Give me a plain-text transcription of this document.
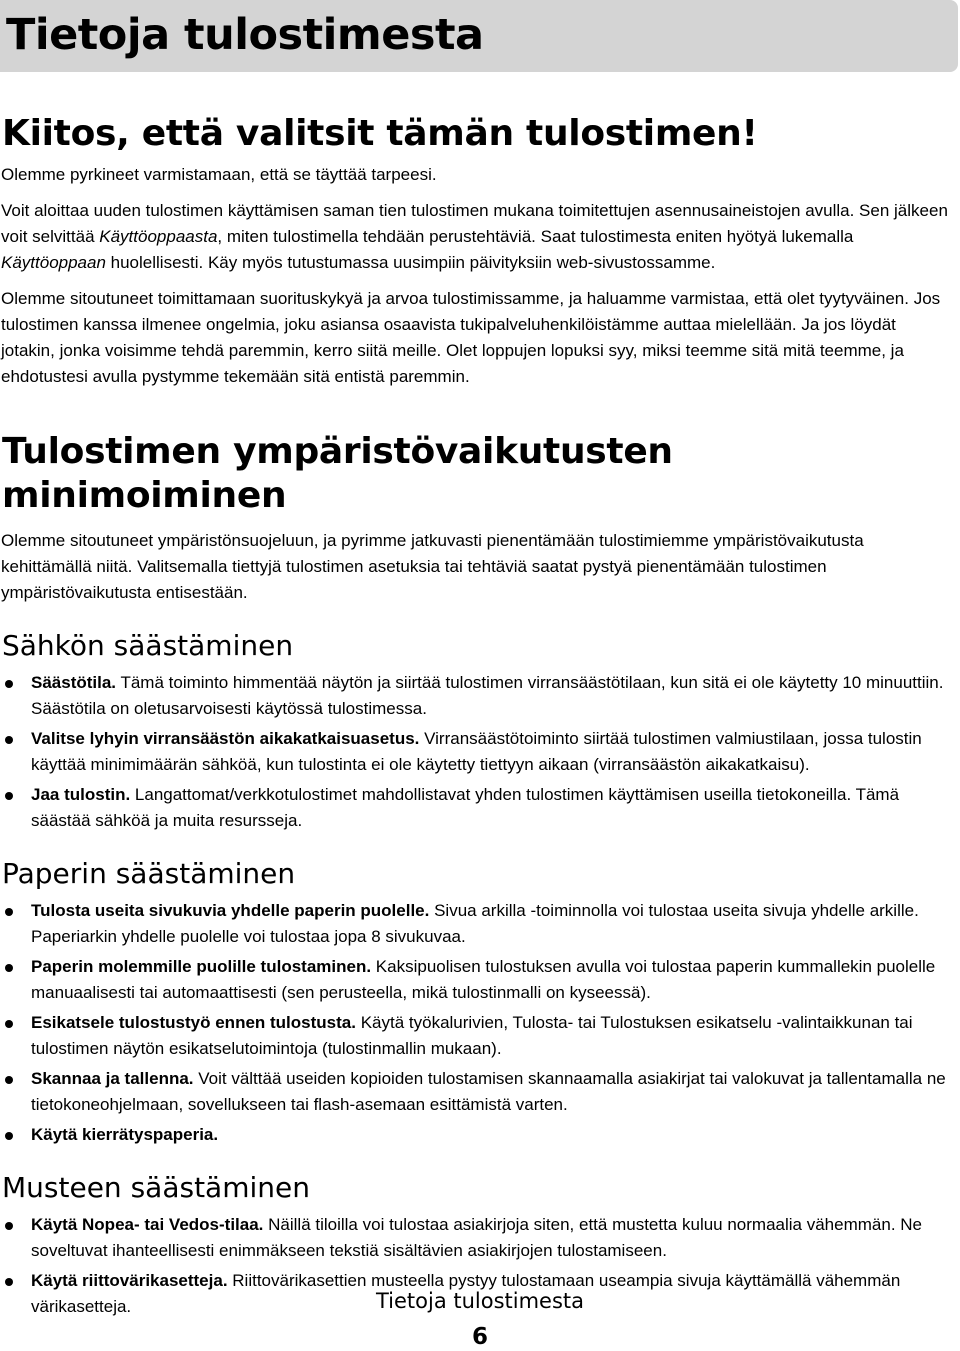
Tietoja tulostimesta
Kiitos, että valitsit tämän tulostimen!

Olemme pyrkineet varmistamaan, että se täyttää tarpeesi.

Voit aloittaa uuden tulostimen käyttämisen saman tien tulostimen mukana toimitettujen asennusaineistojen avulla. Sen jälkeen voit selvittää Käyttöoppaasta, miten tulostimella tehdään perustehtäviä. Saat tulostimesta eniten hyötyä lukemalla Käyttöoppaan huolellisesti. Käy myös tutustumassa uusimpiin päivityksiin web-sivustossamme.

Olemme sitoutuneet toimittamaan suorituskykyä ja arvoa tulostimissamme, ja haluamme varmistaa, että olet tyytyväinen. Jos tulostimen kanssa ilmenee ongelmia, joku asiansa osaavista tukipalveluhenkilöistämme auttaa mielellään. Ja jos löydät jotakin, jonka voisimme tehdä paremmin, kerro siitä meille. Olet loppujen lopuksi syy, miksi teemme sitä mitä teemme, ja ehdotustesi avulla pystymme tekemään sitä entistä paremmin.

Tulostimen ympäristövaikutusten minimoiminen

Olemme sitoutuneet ympäristönsuojeluun, ja pyrimme jatkuvasti pienentämään tulostimiemme ympäristövaikutusta kehittämällä niitä. Valitsemalla tiettyjä tulostimen asetuksia tai tehtäviä saatat pystyä pienentämään tulostimen ympäristövaikutusta entisestään.

Sähkön säästäminen
Säästötila. Tämä toiminto himmentää näytön ja siirtää tulostimen virransäästötilaan, kun sitä ei ole käytetty 10 minuuttiin. Säästötila on oletusarvoisesti käytössä tulostimessa.
Valitse lyhyin virransäästön aikakatkaisuasetus. Virransäästötoiminto siirtää tulostimen valmiustilaan, jossa tulostin käyttää minimimäärän sähköä, kun tulostinta ei ole käytetty tiettyyn aikaan (virransäästön aikakatkaisu).
Jaa tulostin. Langattomat/verkkotulostimet mahdollistavat yhden tulostimen käyttämisen useilla tietokoneilla. Tämä säästää sähköä ja muita resursseja.
Paperin säästäminen
Tulosta useita sivukuvia yhdelle paperin puolelle. Sivua arkilla -toiminnolla voi tulostaa useita sivuja yhdelle arkille. Paperiarkin yhdelle puolelle voi tulostaa jopa 8 sivukuvaa.
Paperin molemmille puolille tulostaminen. Kaksipuolisen tulostuksen avulla voi tulostaa paperin kummallekin puolelle manuaalisesti tai automaattisesti (sen perusteella, mikä tulostinmalli on kyseessä).
Esikatsele tulostustyö ennen tulostusta. Käytä työkalurivien, Tulosta- tai Tulostuksen esikatselu -valintaikkunan tai tulostimen näytön esikatselutoimintoja (tulostinmallin mukaan).
Skannaa ja tallenna. Voit välttää useiden kopioiden tulostamisen skannaamalla asiakirjat tai valokuvat ja tallentamalla ne tietokoneohjelmaan, sovellukseen tai flash-asemaan esittämistä varten.
Käytä kierrätyspaperia.
Musteen säästäminen
Käytä Nopea- tai Vedos-tilaa. Näillä tiloilla voi tulostaa asiakirjoja siten, että mustetta kuluu normaalia vähemmän. Ne soveltuvat ihanteellisesti enimmäkseen tekstiä sisältävien asiakirjojen tulostamiseen.
Käytä riittovärikasetteja. Riittovärikasettien musteella pystyy tulostamaan useampia sivuja käyttämällä vähemmän värikasetteja.	Tietoja tulostimesta
6
